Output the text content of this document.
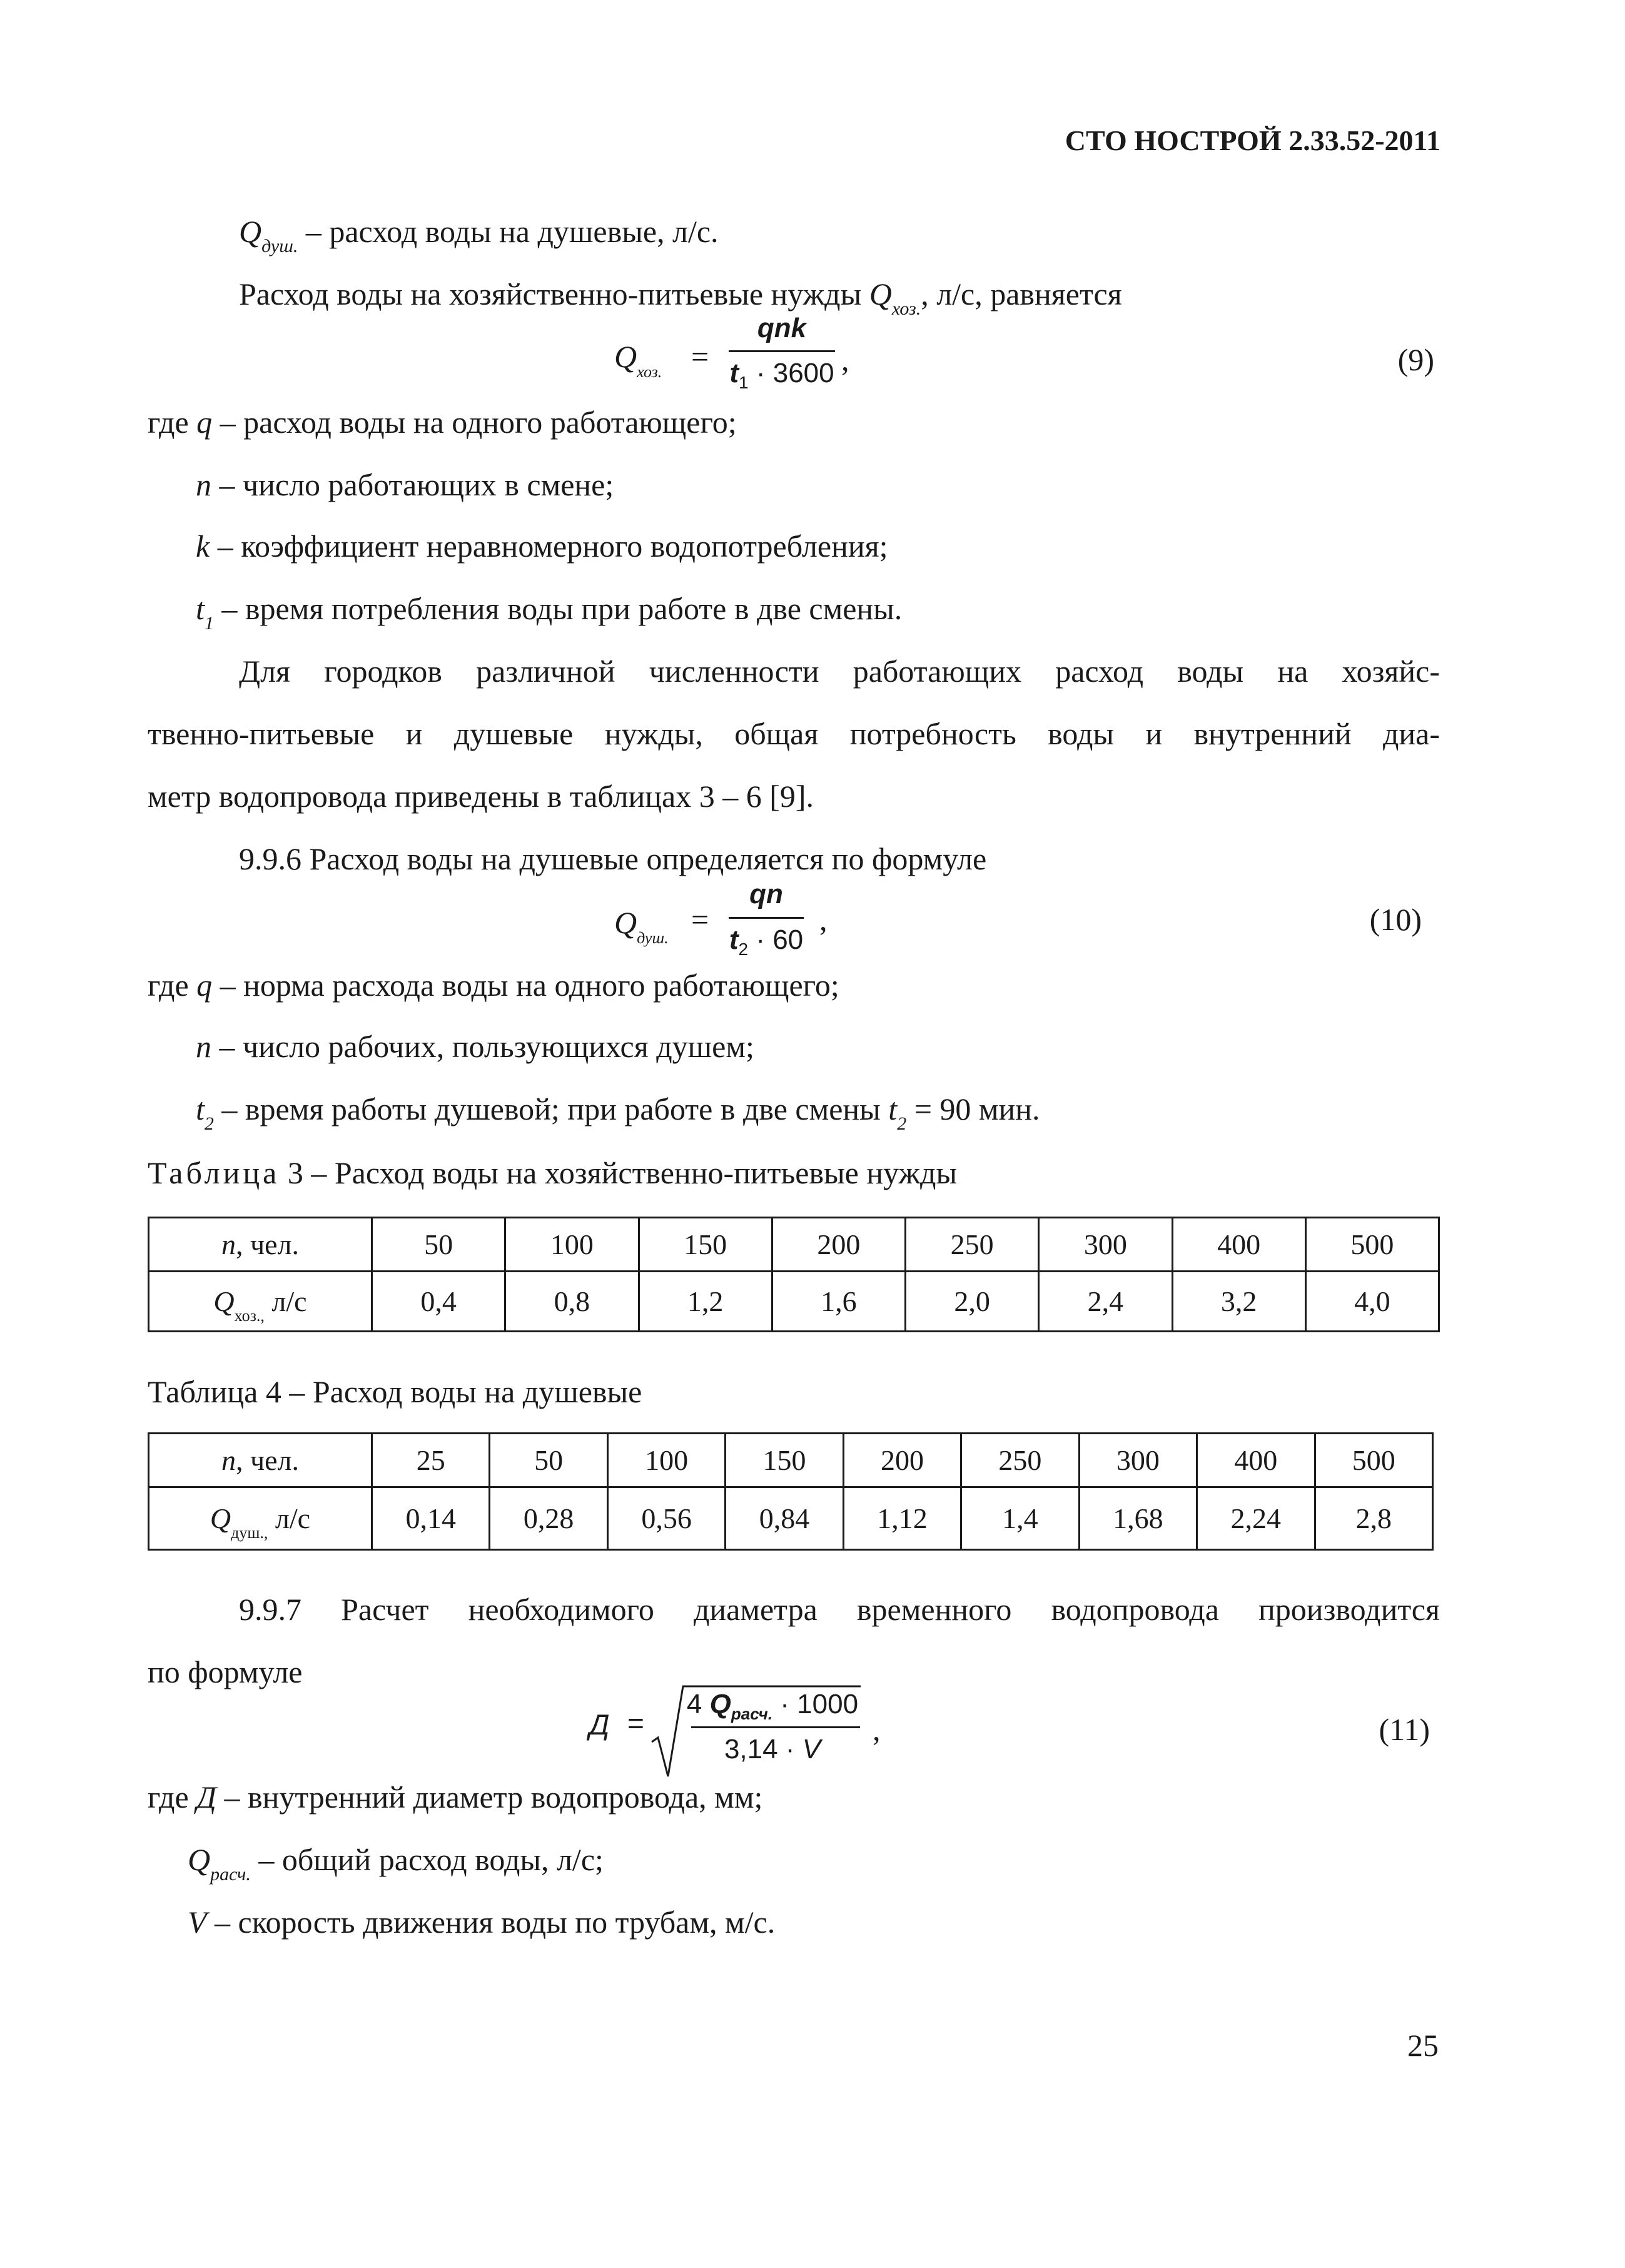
СТО НОСТРОЙ 2.33.52-2011
$Q_{душ.}$ – расход воды на душевые, л/с.
Расход воды на хозяйственно-питьевые нужды $Q_{хоз.}$, л/с, равняется
$Q_{хоз.}$ =
qnk
$t_1 \cdot 3600$ ,	(9)
где q – расход воды на одного работающего;
n – число работающих в смене;
k – коэффициент неравномерного водопотребления;
$t_1$ – время потребления воды при работе в две смены.
Для городков различной численности работающих расход воды на хозяйс-
твенно-питьевые и душевые нужды, общая потребность воды и внутренний диа-
метр водопровода приведены в таблицах 3 – 6 [9].
9.9.6 Расход воды на душевые определяется по формуле
$Q_{душ.}$
=
qn
$t_2 \cdot 60$
,	(10)
где q – норма расхода воды на одного работающего;
n – число рабочих, пользующихся душем;
$t_2$ – время работы душевой; при работе в две смены $t_2 = 90$ мин.
Таблица 3 – Расход воды на хозяйственно-питьевые нужды
n, чел.	50	100	150	200	250	300	400	500
$Q_{хоз.,}$ л/с	0,4	0,8	1,2	1,6	2,0	2,4	3,2	4,0
Таблица 4 – Расход воды на душевые
n, чел.	25	50	100	150	200	250	300	400	500
$Q_{душ.,}$ л/с	0,14	0,28	0,56	0,84	1,12	1,4	1,68	2,24	2,8
9.9.7 Расчет необходимого диаметра временного водопровода производится
по формуле
Д =
4 $Q_{расч.} \cdot 1000$
3,14 · V
,	(11)
где Д – внутренний диаметр водопровода, мм;
$Q_{расч.}$ – общий расход воды, л/с;
V – скорость движения воды по трубам, м/с.
25
